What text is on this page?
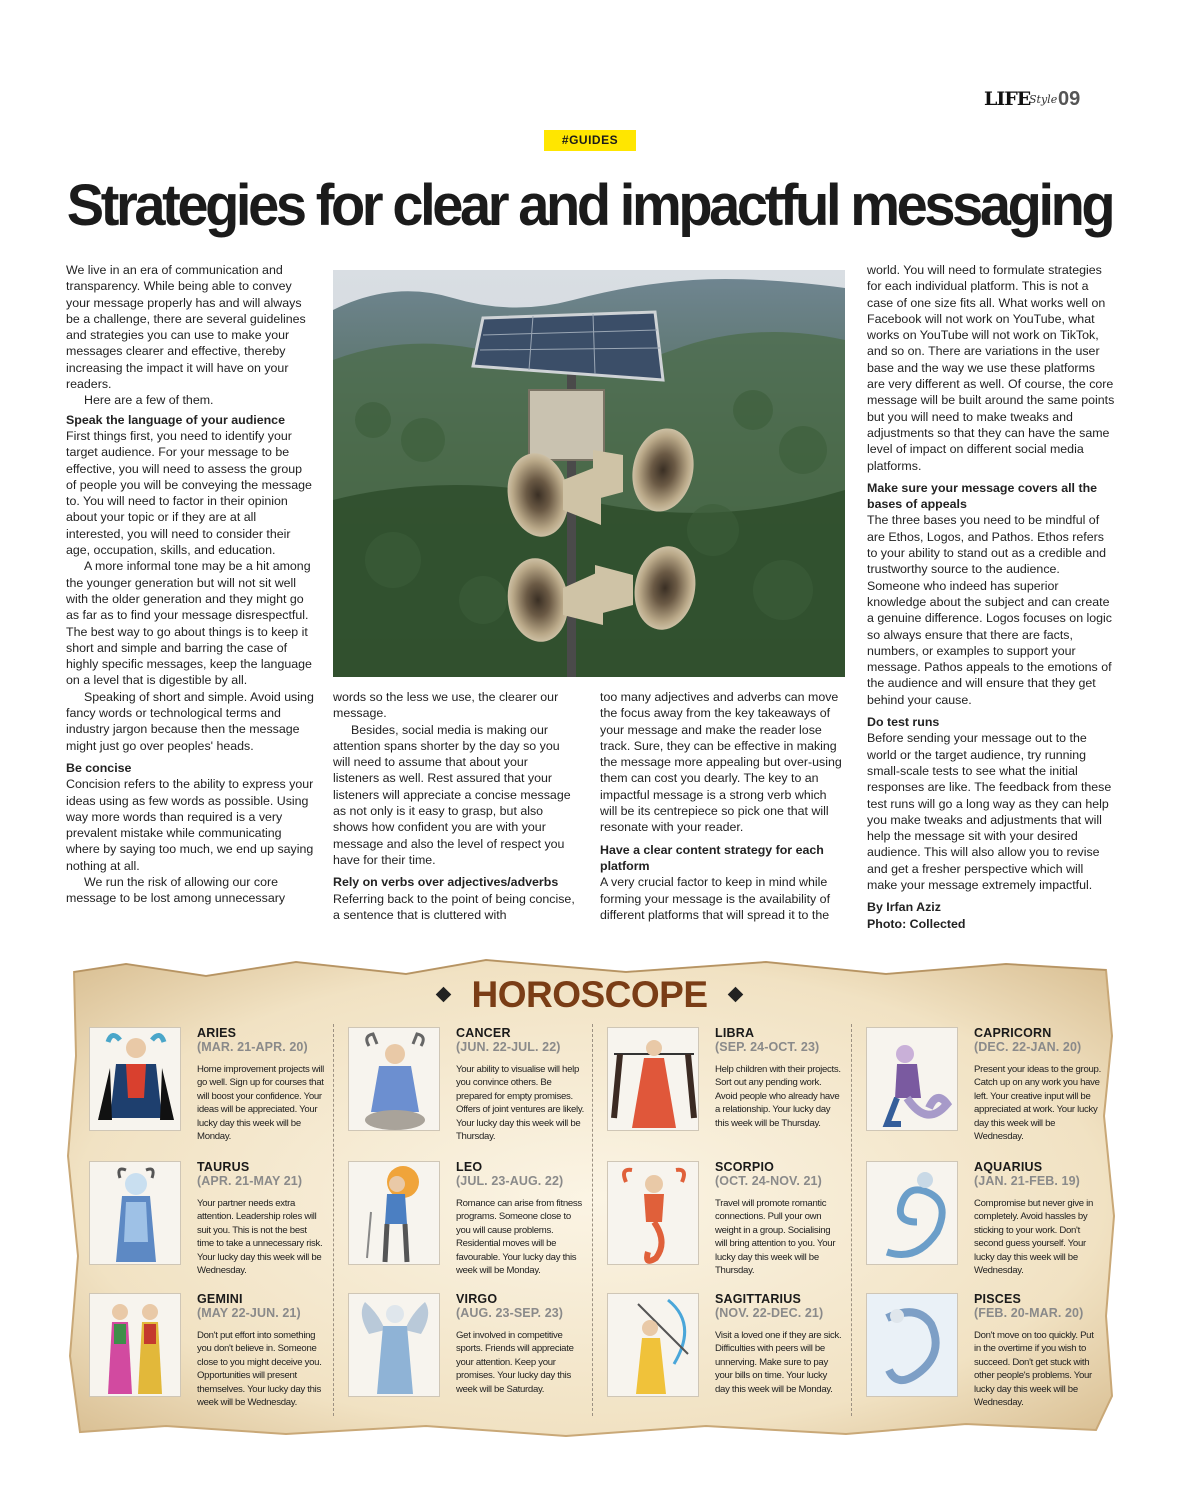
LIFE
Style 09
#GUIDES
Strategies for clear and impactful messaging

We live in an era of communication and transparency. While being able to convey your message properly has and will always be a challenge, there are several guidelines and strategies you can use to make your messages clearer and effective, thereby increasing the impact it will have on your readers.

Here are a few of them.

Speak the language of your audience

First things first, you need to identify your target audience. For your message to be effective, you will need to assess the group of people you will be conveying the message to. You will need to factor in their opinion about your topic or if they are at all interested, you will need to consider their age, occupation, skills, and education.

A more informal tone may be a hit among the younger generation but will not sit well with the older generation and they might go as far as to find your message disrespectful. The best way to go about things is to keep it short and simple and barring the case of highly specific messages, keep the language on a level that is digestible by all.

Speaking of short and simple. Avoid using fancy words or technological terms and industry jargon because then the message might just go over peoples' heads.

Be concise

Concision refers to the ability to express your ideas using as few words as possible. Using way more words than required is a very prevalent mistake while communicating where by saying too much, we end up saying nothing at all.

We run the risk of allowing our core message to be lost among unnecessary

words so the less we use, the clearer our message.

Besides, social media is making our attention spans shorter by the day so you will need to assume that about your listeners as well. Rest assured that your listeners will appreciate a concise message as not only is it easy to grasp, but also shows how confident you are with your message and also the level of respect you have for their time.

Rely on verbs over adjectives/adverbs

Referring back to the point of being concise, a sentence that is cluttered with

too many adjectives and adverbs can move the focus away from the key takeaways of your message and make the reader lose track. Sure, they can be effective in making the message more appealing but over-using them can cost you dearly. The key to an impactful message is a strong verb which will be its centrepiece so pick one that will resonate with your reader.

Have a clear content strategy for each platform

A very crucial factor to keep in mind while forming your message is the availability of different platforms that will spread it to the

world. You will need to formulate strategies for each individual platform. This is not a case of one size fits all. What works well on Facebook will not work on YouTube, what works on YouTube will not work on TikTok, and so on. There are variations in the user base and the way we use these platforms are very different as well. Of course, the core message will be built around the same points but you will need to make tweaks and adjustments so that they can have the same level of impact on different social media platforms.

Make sure your message covers all the bases of appeals

The three bases you need to be mindful of are Ethos, Logos, and Pathos. Ethos refers to your ability to stand out as a credible and trustworthy source to the audience. Someone who indeed has superior knowledge about the subject and can create a genuine difference. Logos focuses on logic so always ensure that there are facts, numbers, or examples to support your message. Pathos appeals to the emotions of the audience and will ensure that they get behind your cause.

Do test runs

Before sending your message out to the world or the target audience, try running small-scale tests to see what the initial responses are like. The feedback from these test runs will go a long way as they can help you make tweaks and adjustments that will help the message sit with your desired audience. This will also allow you to revise and get a fresher perspective which will make your message extremely impactful.

By Irfan Aziz

Photo: Collected

HOROSCOPE
ARIES
(MAR. 21-APR. 20)
Home improvement projects will go well. Sign up for courses that will boost your confidence. Your ideas will be appreciated. Your lucky day this week will be Monday.
TAURUS
(APR. 21-MAY 21)
Your partner needs extra attention. Leadership roles will suit you. This is not the best time to take a unnecessary risk. Your lucky day this week will be Wednesday.
GEMINI
(MAY 22-JUN. 21)
Don't put effort into something you don't believe in. Someone close to you might deceive you. Opportunities will present themselves. Your lucky day this week will be Wednesday.
CANCER
(JUN. 22-JUL. 22)
Your ability to visualise will help you convince others. Be prepared for empty promises. Offers of joint ventures are likely. Your lucky day this week will be Thursday.
LEO
(JUL. 23-AUG. 22)
Romance can arise from fitness programs. Someone close to you will cause problems. Residential moves will be favourable. Your lucky day this week will be Monday.
VIRGO
(AUG. 23-SEP. 23)
Get involved in competitive sports. Friends will appreciate your attention. Keep your promises. Your lucky day this week will be Saturday.
LIBRA
(SEP. 24-OCT. 23)
Help children with their projects. Sort out any pending work. Avoid people who already have a relationship. Your lucky day this week will be Thursday.
SCORPIO
(OCT. 24-NOV. 21)
Travel will promote romantic connections. Pull your own weight in a group. Socialising will bring attention to you. Your lucky day this week will be Thursday.
SAGITTARIUS
(NOV. 22-DEC. 21)
Visit a loved one if they are sick. Difficulties with peers will be unnerving. Make sure to pay your bills on time. Your lucky day this week will be Monday.
CAPRICORN
(DEC. 22-JAN. 20)
Present your ideas to the group. Catch up on any work you have left. Your creative input will be appreciated at work. Your lucky day this week will be Wednesday.
AQUARIUS
(JAN. 21-FEB. 19)
Compromise but never give in completely. Avoid hassles by sticking to your work. Don't second guess yourself. Your lucky day this week will be Wednesday.
PISCES
(FEB. 20-MAR. 20)
Don't move on too quickly. Put in the overtime if you wish to succeed. Don't get stuck with other people's problems. Your lucky day this week will be Wednesday.
